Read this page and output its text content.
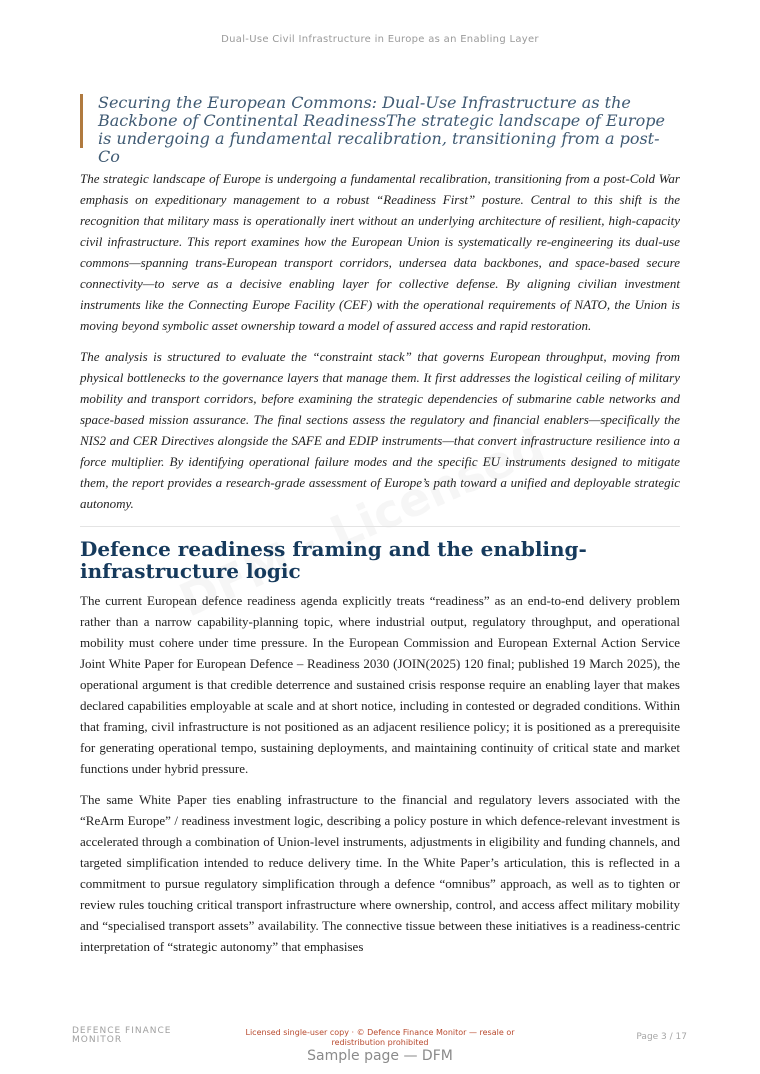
Dual-Use Civil Infrastructure in Europe as an Enabling Layer
Securing the European Commons: Dual-Use Infrastructure as the Backbone of Continental ReadinessThe strategic landscape of Europe is undergoing a fundamental recalibration, transitioning from a post-Co

The strategic landscape of Europe is undergoing a fundamental recalibration, transitioning from a post-Cold War emphasis on expeditionary management to a robust “Readiness First” posture. Central to this shift is the recognition that military mass is operationally inert without an underlying architecture of resilient, high-capacity civil infrastructure. This report examines how the European Union is systematically re-engineering its dual-use commons—spanning trans-European transport corridors, undersea data backbones, and space-based secure connectivity—to serve as a decisive enabling layer for collective defense. By aligning civilian investment instruments like the Connecting Europe Facility (CEF) with the operational requirements of NATO, the Union is moving beyond symbolic asset ownership toward a model of assured access and rapid restoration.

The analysis is structured to evaluate the “constraint stack” that governs European throughput, moving from physical bottlenecks to the governance layers that manage them. It first addresses the logistical ceiling of military mobility and transport corridors, before examining the strategic dependencies of submarine cable networks and space-based mission assurance. The final sections assess the regulatory and financial enablers—specifically the NIS2 and CER Directives alongside the SAFE and EDIP instruments—that convert infrastructure resilience into a force multiplier. By identifying operational failure modes and the specific EU instruments designed to mitigate them, the report provides a research-grade assessment of Europe’s path toward a unified and deployable strategic autonomy.

Defence readiness framing and the enabling-infrastructure logic

The current European defence readiness agenda explicitly treats “readiness” as an end-to-end delivery problem rather than a narrow capability-planning topic, where industrial output, regulatory throughput, and operational mobility must cohere under time pressure. In the European Commission and European External Action Service Joint White Paper for European Defence – Readiness 2030 (JOIN(2025) 120 final; published 19 March 2025), the operational argument is that credible deterrence and sustained crisis response require an enabling layer that makes declared capabilities employable at scale and at short notice, including in contested or degraded conditions. Within that framing, civil infrastructure is not positioned as an adjacent resilience policy; it is positioned as a prerequisite for generating operational tempo, sustaining deployments, and maintaining continuity of critical state and market functions under hybrid pressure.

The same White Paper ties enabling infrastructure to the financial and regulatory levers associated with the “ReArm Europe” / readiness investment logic, describing a policy posture in which defence-relevant investment is accelerated through a combination of Union-level instruments, adjustments in eligibility and funding channels, and targeted simplification intended to reduce delivery time. In the White Paper’s articulation, this is reflected in a commitment to pursue regulatory simplification through a defence “omnibus” approach, as well as to tighten or review rules touching critical transport infrastructure where ownership, control, and access affect military mobility and “specialised transport assets” availability. The connective tissue between these initiatives is a readiness-centric interpretation of “strategic autonomy” that emphasises

DEFENCE FINANCE
MONITOR
Licensed single-user copy · © Defence Finance Monitor — resale or redistribution prohibited
Page 3 / 17
Sample page — DFM
